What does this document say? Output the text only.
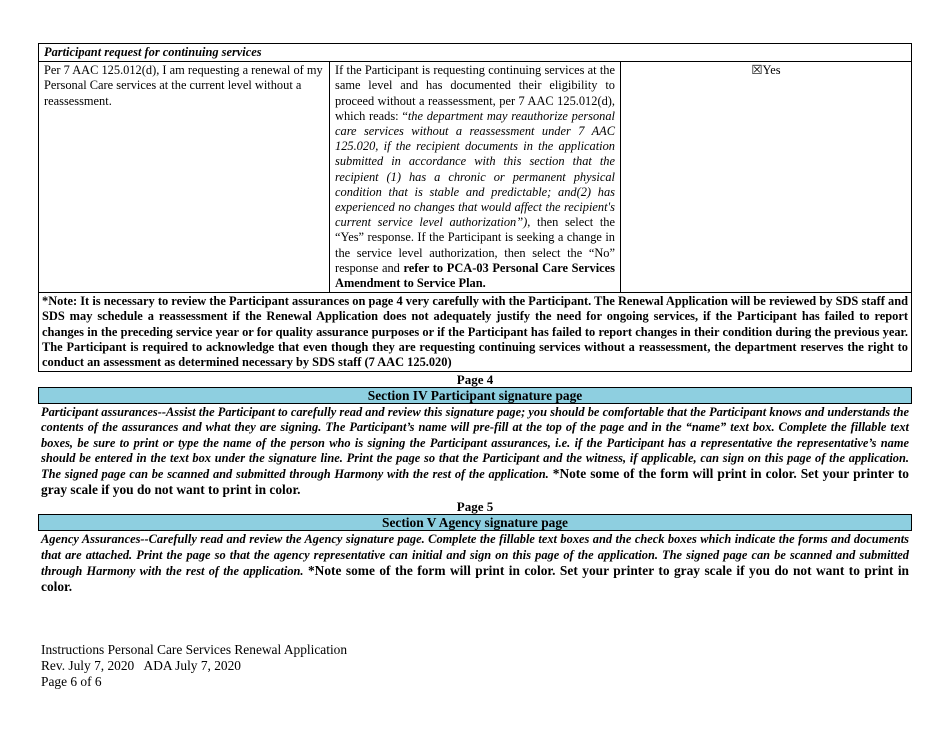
Participant request for continuing services
Per 7 AAC 125.012(d), I am requesting a renewal of my Personal Care services at the current level without a reassessment.	If the Participant is requesting continuing services at the same level and has documented their eligibility to proceed without a reassessment, per 7 AAC 125.012(d), which reads: “the department may reauthorize personal care services without a reassessment under 7 AAC 125.020, if the recipient documents in the application submitted in accordance with this section that the recipient (1) has a chronic or permanent physical condition that is stable and predictable; and(2) has experienced no changes that would affect the recipient's current service level authorization”), then select the “Yes” response. If the Participant is seeking a change in the service level authorization, then select the “No” response and refer to PCA-03 Personal Care Services Amendment to Service Plan.	☒Yes
*Note: It is necessary to review the Participant assurances on page 4 very carefully with the Participant. The Renewal Application will be reviewed by SDS staff and SDS may schedule a reassessment if the Renewal Application does not adequately justify the need for ongoing services, if the Participant has failed to report changes in the preceding service year or for quality assurance purposes or if the Participant has failed to report changes in their condition during the previous year. The Participant is required to acknowledge that even though they are requesting continuing services without a reassessment, the department reserves the right to conduct an assessment as determined necessary by SDS staff (7 AAC 125.020)
Page 4
Section IV Participant signature page
Participant assurances--Assist the Participant to carefully read and review this signature page; you should be comfortable that the Participant knows and understands the contents of the assurances and what they are signing. The Participant’s name will pre-fill at the top of the page and in the “name” text box. Complete the fillable text boxes, be sure to print or type the name of the person who is signing the Participant assurances, i.e. if the Participant has a representative the representative’s name should be entered in the text box under the signature line. Print the page so that the Participant and the witness, if applicable, can sign on this page of the application. The signed page can be scanned and submitted through Harmony with the rest of the application. *Note some of the form will print in color. Set your printer to gray scale if you do not want to print in color.
Page 5
Section V Agency signature page
Agency Assurances--Carefully read and review the Agency signature page. Complete the fillable text boxes and the check boxes which indicate the forms and documents that are attached. Print the page so that the agency representative can initial and sign on this page of the application. The signed page can be scanned and submitted through Harmony with the rest of the application. *Note some of the form will print in color. Set your printer to gray scale if you do not want to print in color.
Instructions Personal Care Services Renewal Application
Rev. July 7, 2020   ADA July 7, 2020
Page 6 of 6
